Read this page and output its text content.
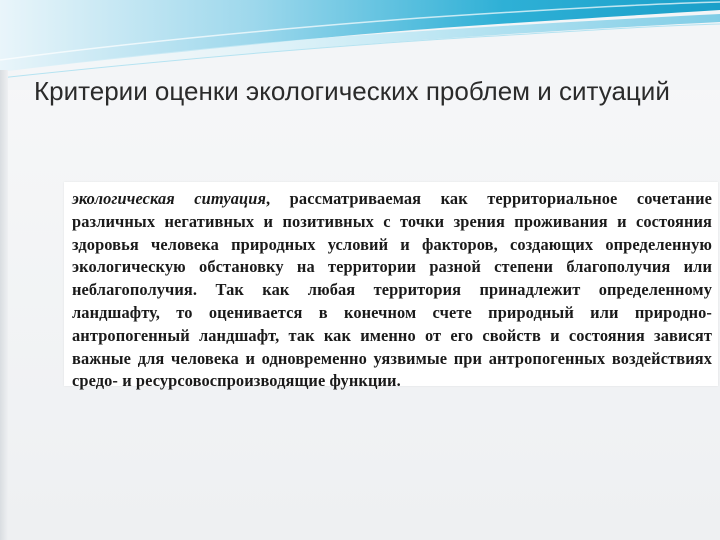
Критерии оценки экологических проблем и ситуаций

экологическая ситуация, рассматриваемая как территориальное сочетание различных негативных и позитивных с точки зрения проживания и состояния здоровья человека природных условий и факторов, создающих определенную экологическую обстановку на территории разной степени благополучия или неблагополучия. Так как любая территория принадлежит определенному ландшафту, то оценивается в конечном счете природный или природно-антропогенный ландшафт, так как именно от его свойств и состояния зависят важные для человека и одновременно уязвимые при антропогенных воздействиях средо- и ресурсовоспроизводящие функции.
